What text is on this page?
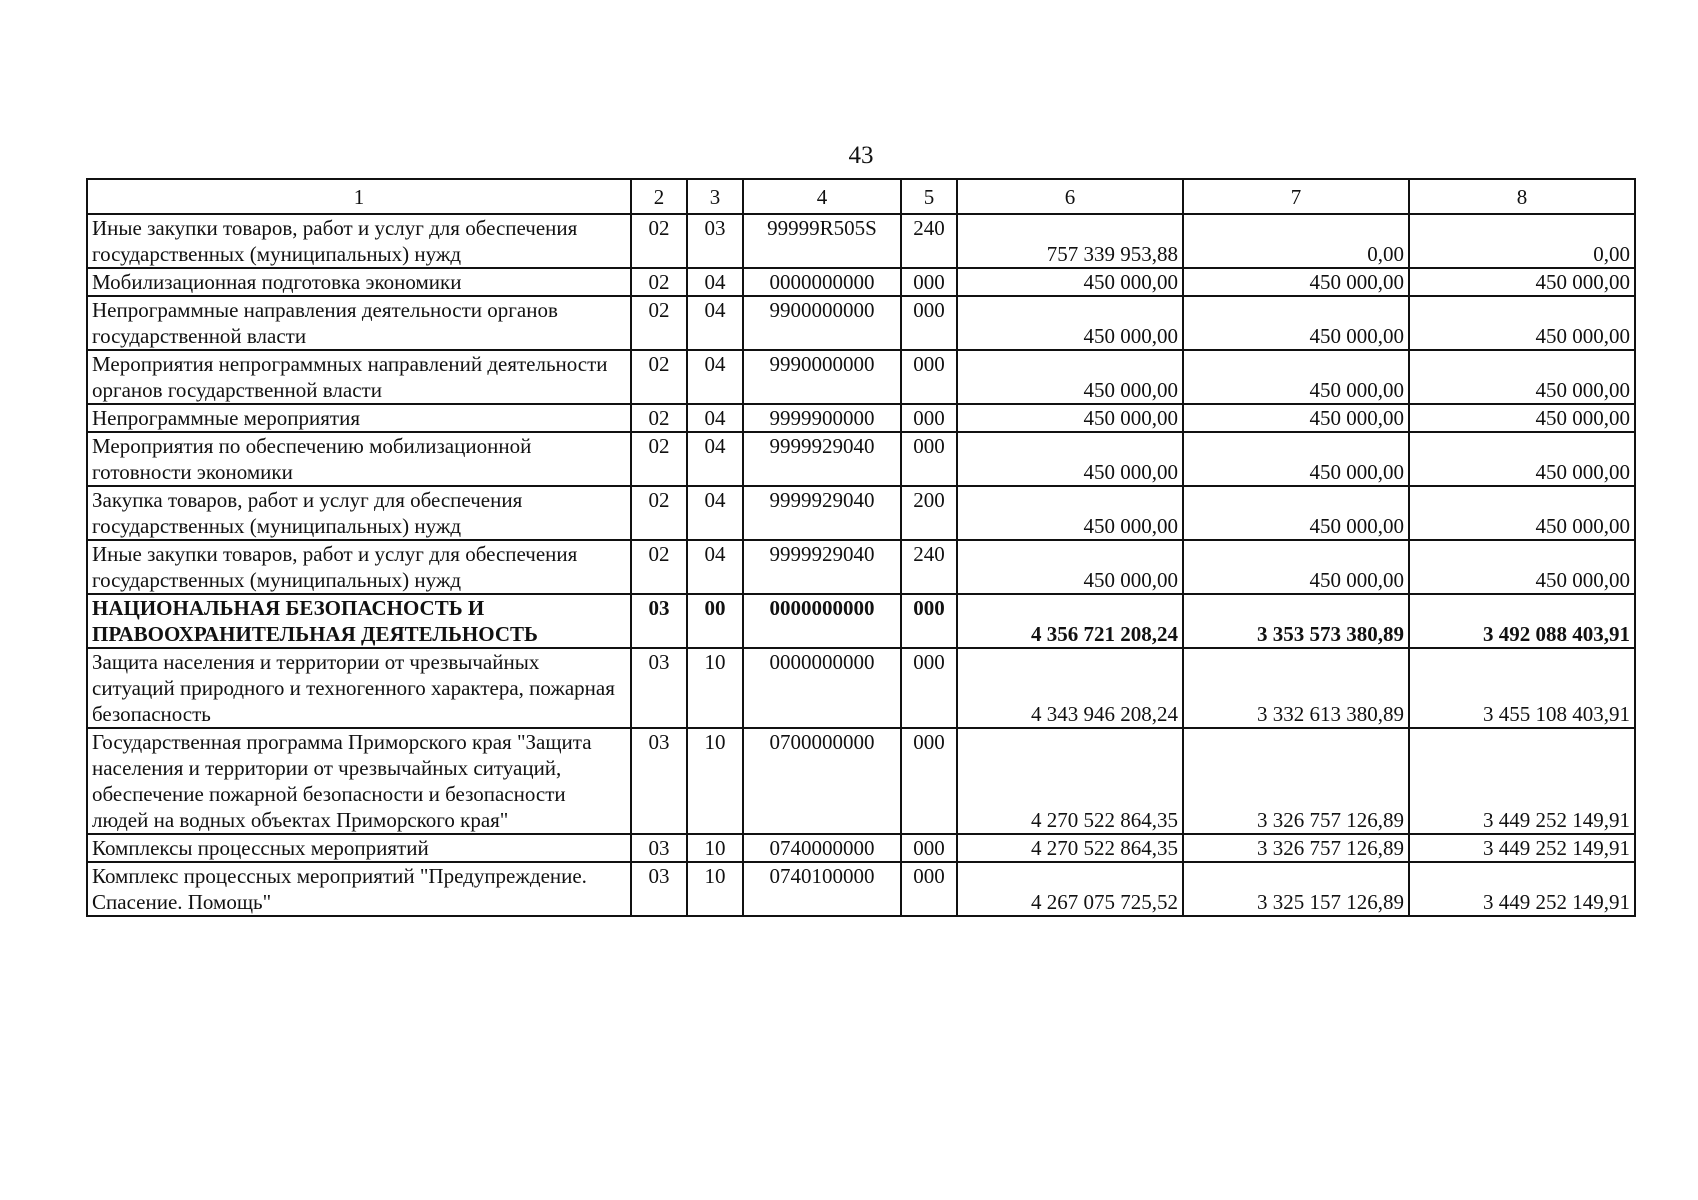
43
1	2	3	4	5	6	7	8
Иные закупки товаров, работ и услуг для обеспечения государственных (муниципальных) нужд	02	03	99999R505S	240	757 339 953,88	0,00	0,00
Мобилизационная подготовка экономики	02	04	0000000000	000	450 000,00	450 000,00	450 000,00
Непрограммные направления деятельности органов государственной власти	02	04	9900000000	000	450 000,00	450 000,00	450 000,00
Мероприятия непрограммных направлений деятельности органов государственной власти	02	04	9990000000	000	450 000,00	450 000,00	450 000,00
Непрограммные мероприятия	02	04	9999900000	000	450 000,00	450 000,00	450 000,00
Мероприятия по обеспечению мобилизационной готовности экономики	02	04	9999929040	000	450 000,00	450 000,00	450 000,00
Закупка товаров, работ и услуг для обеспечения государственных (муниципальных) нужд	02	04	9999929040	200	450 000,00	450 000,00	450 000,00
Иные закупки товаров, работ и услуг для обеспечения государственных (муниципальных) нужд	02	04	9999929040	240	450 000,00	450 000,00	450 000,00
НАЦИОНАЛЬНАЯ БЕЗОПАСНОСТЬ И ПРАВООХРАНИТЕЛЬНАЯ ДЕЯТЕЛЬНОСТЬ	03	00	0000000000	000	4 356 721 208,24	3 353 573 380,89	3 492 088 403,91
Защита населения и территории от чрезвычайных ситуаций природного и техногенного характера, пожарная безопасность	03	10	0000000000	000	4 343 946 208,24	3 332 613 380,89	3 455 108 403,91
Государственная программа Приморского края "Защита населения и территории от чрезвычайных ситуаций, обеспечение пожарной безопасности и безопасности людей на водных объектах Приморского края"	03	10	0700000000	000	4 270 522 864,35	3 326 757 126,89	3 449 252 149,91
Комплексы процессных мероприятий	03	10	0740000000	000	4 270 522 864,35	3 326 757 126,89	3 449 252 149,91
Комплекс процессных мероприятий "Предупреждение. Спасение. Помощь"	03	10	0740100000	000	4 267 075 725,52	3 325 157 126,89	3 449 252 149,91
